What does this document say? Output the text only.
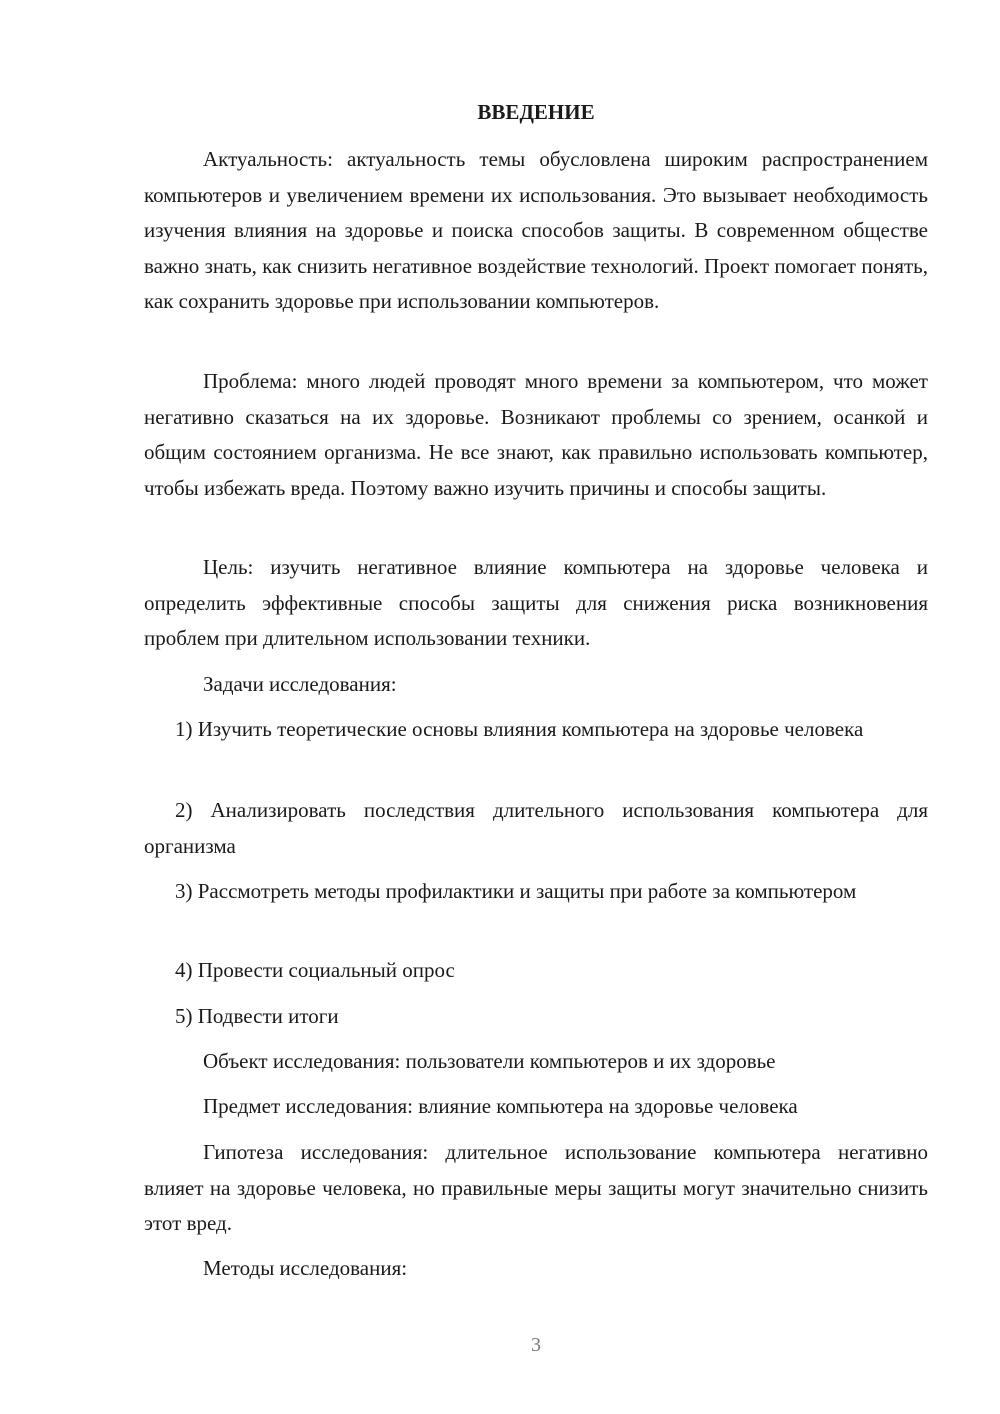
ВВЕДЕНИЕ

Актуальность: актуальность темы обусловлена широким распространением компьютеров и увеличением времени их использования. Это вызывает необходимость изучения влияния на здоровье и поиска способов защиты. В современном обществе важно знать, как снизить негативное воздействие технологий. Проект помогает понять, как сохранить здоровье при использовании компьютеров.

Проблема: много людей проводят много времени за компьютером, что может негативно сказаться на их здоровье. Возникают проблемы со зрением, осанкой и общим состоянием организма. Не все знают, как правильно использовать компьютер, чтобы избежать вреда. Поэтому важно изучить причины и способы защиты.

Цель: изучить негативное влияние компьютера на здоровье человека и определить эффективные способы защиты для снижения риска возникновения проблем при длительном использовании техники.

Задачи исследования:

1) Изучить теоретические основы влияния компьютера на здоровье человека

2) Анализировать последствия длительного использования компьютера для организма

3) Рассмотреть методы профилактики и защиты при работе за компьютером

4) Провести социальный опрос

5) Подвести итоги

Объект исследования: пользователи компьютеров и их здоровье

Предмет исследования: влияние компьютера на здоровье человека

Гипотеза исследования: длительное использование компьютера негативно влияет на здоровье человека, но правильные меры защиты могут значительно снизить этот вред.

Методы исследования:

3
